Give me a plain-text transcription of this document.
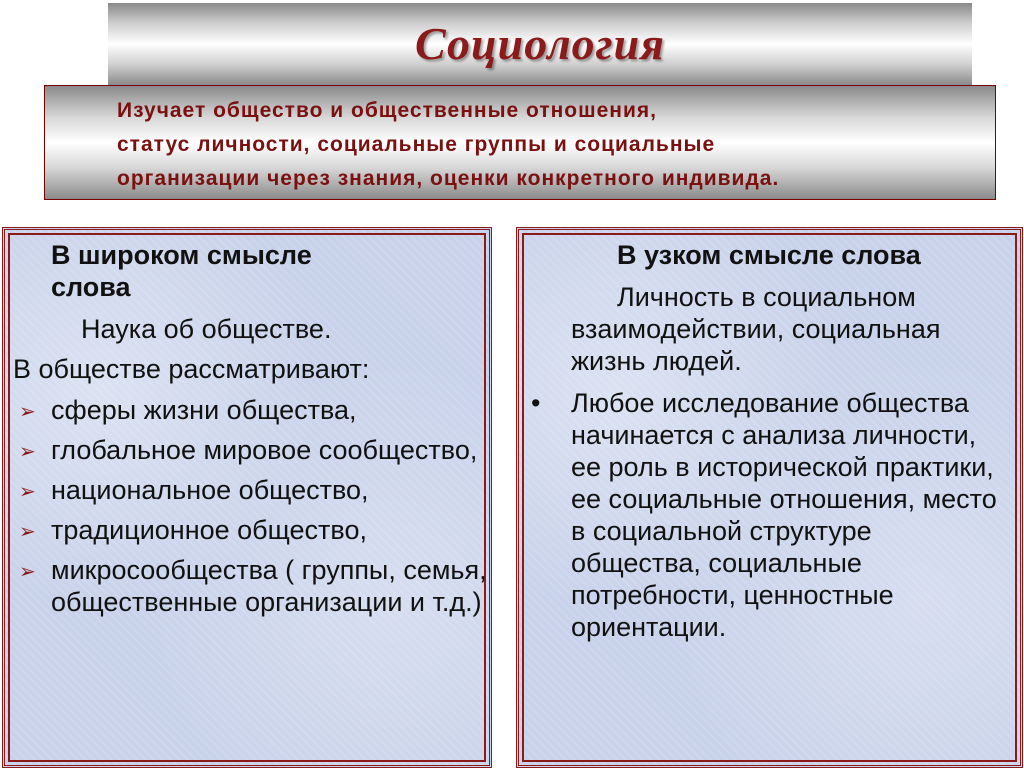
Социология

Изучает общество и общественные отношения,
статус личности, социальные группы и социальные
организации через знания, оценки конкретного индивида.

В широком смысле
слова

Наука об обществе.

В обществе рассматривают:

➢ сферы жизни общества,
➢ глобальное мировое сообщество,
➢ национальное общество,
➢ традиционное общество,
➢ микросообщества ( группы, семья, общественные организации и т.д.)
В узком смысле слова

Личность в социальном взаимодействии, социальная жизнь людей.

• Любое исследование общества начинается с анализа личности, ее роль в исторической практики, ее социальные отношения, место в социальной структуре общества, социальные потребности, ценностные ориентации.
